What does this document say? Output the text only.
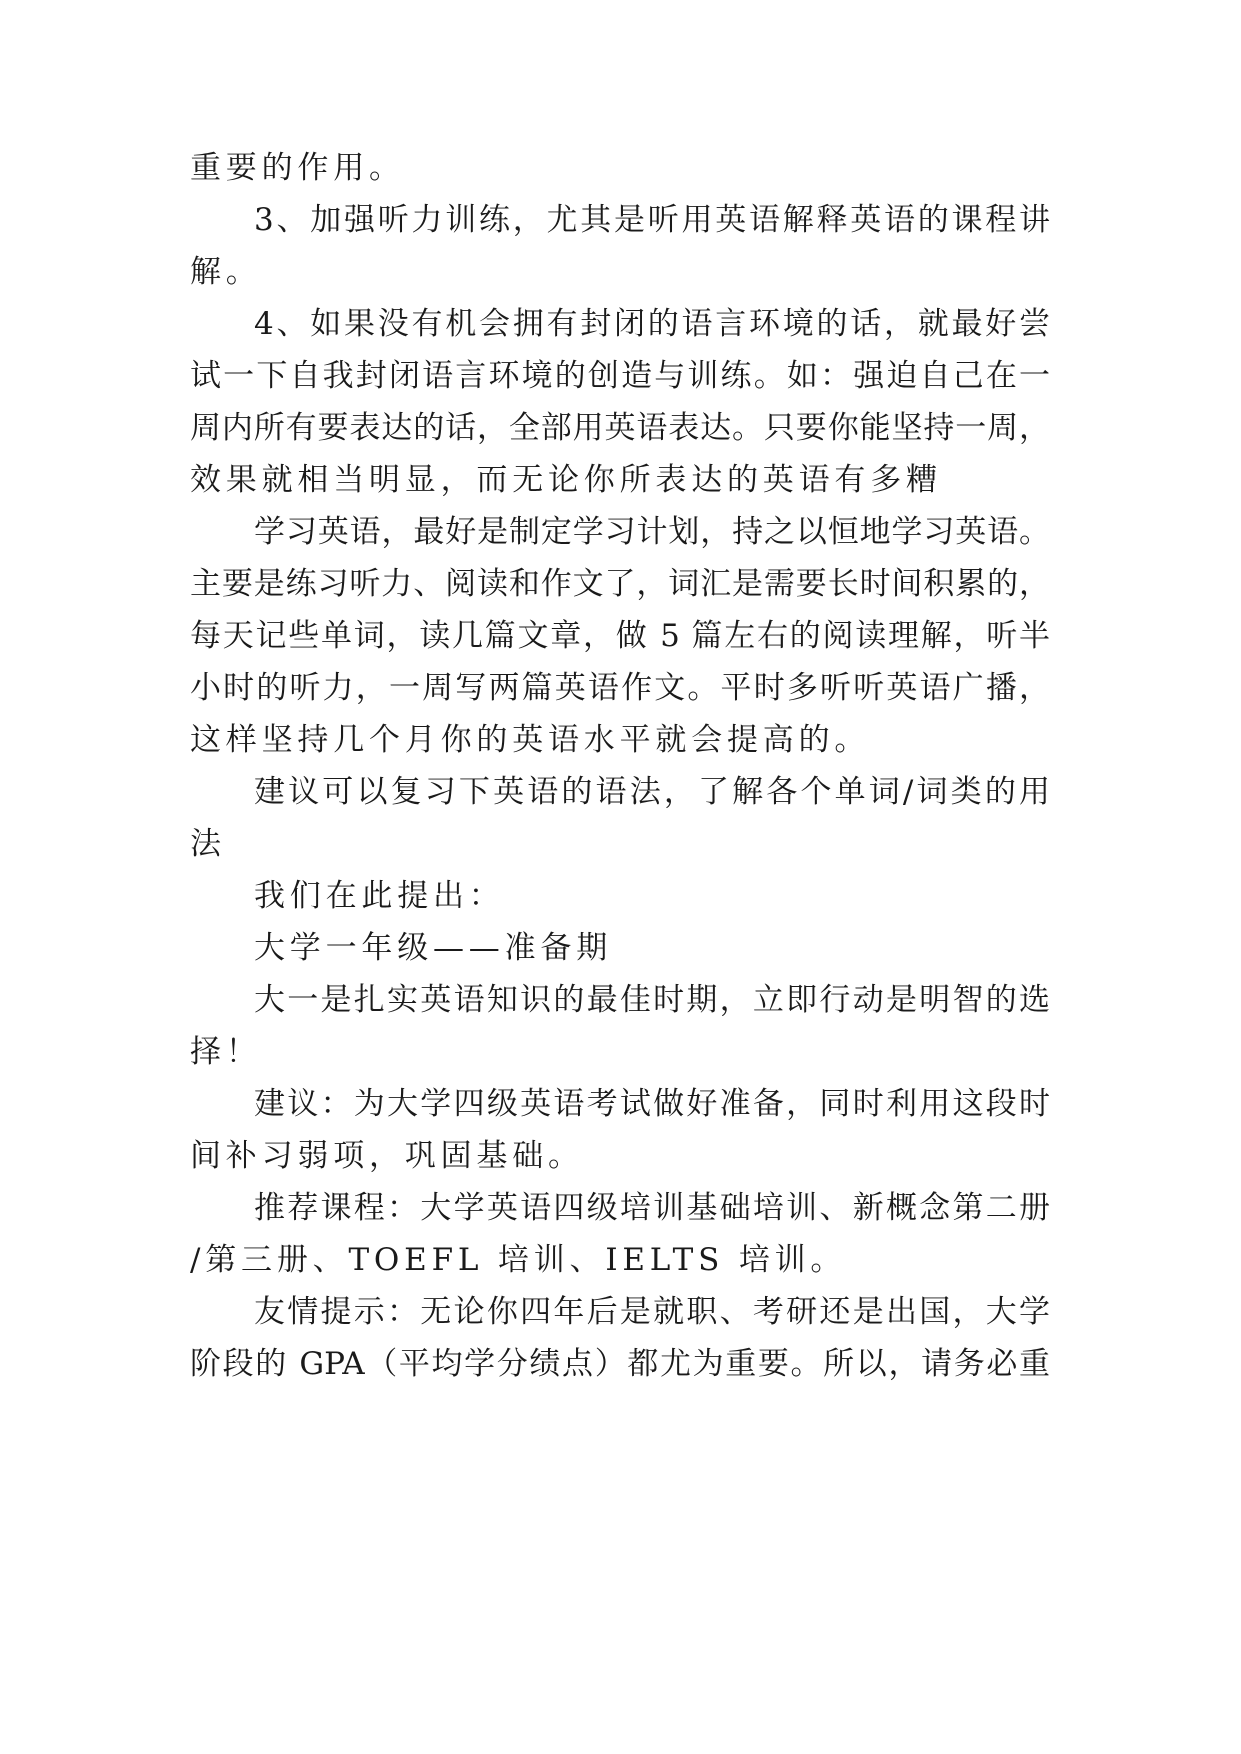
重要的作用。
3、加强听力训练，尤其是听用英语解释英语的课程讲
解。
4、如果没有机会拥有封闭的语言环境的话，就最好尝
试一下自我封闭语言环境的创造与训练。如：强迫自己在一
周内所有要表达的话，全部用英语表达。只要你能坚持一周，
效果就相当明显，而无论你所表达的英语有多糟
学习英语，最好是制定学习计划，持之以恒地学习英语。
主要是练习听力、阅读和作文了，词汇是需要长时间积累的，
每天记些单词，读几篇文章，做 5 篇左右的阅读理解，听半
小时的听力，一周写两篇英语作文。平时多听听英语广播，
这样坚持几个月你的英语水平就会提高的。
建议可以复习下英语的语法，了解各个单词/词类的用
法
我们在此提出：
大学一年级——准备期
大一是扎实英语知识的最佳时期，立即行动是明智的选
择！
建议：为大学四级英语考试做好准备，同时利用这段时
间补习弱项，巩固基础。
推荐课程：大学英语四级培训基础培训、新概念第二册
/第三册、TOEFL 培训、IELTS 培训。
友情提示：无论你四年后是就职、考研还是出国，大学
阶段的 GPA（平均学分绩点）都尤为重要。所以，请务必重
